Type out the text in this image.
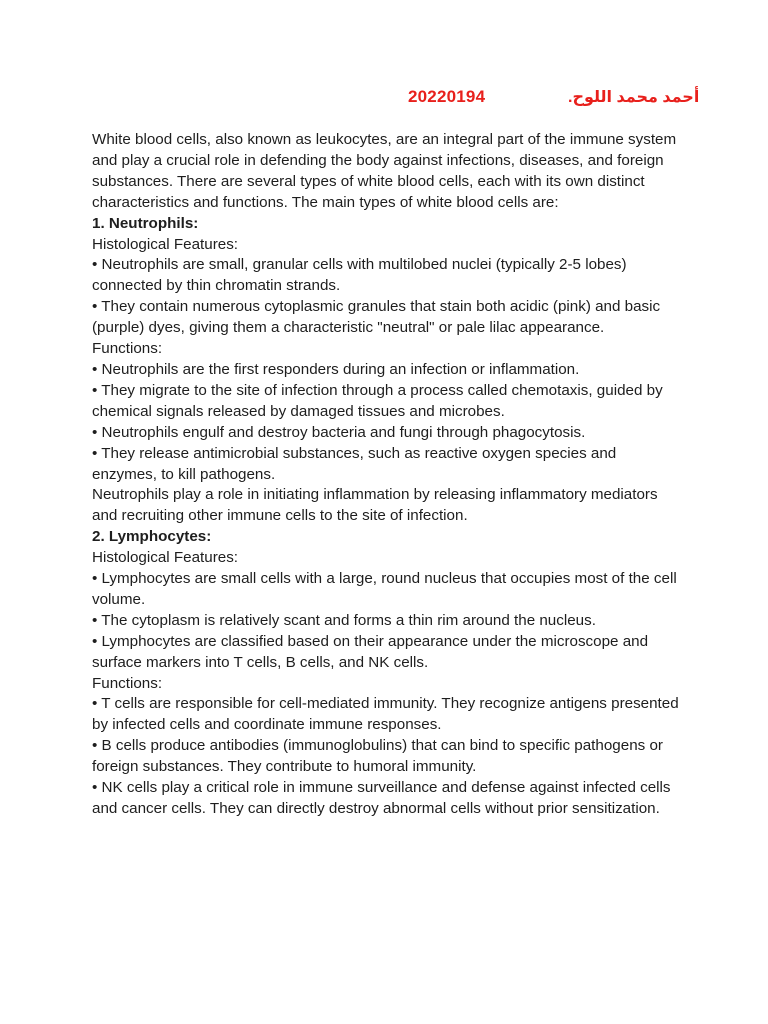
20220194	أحمد محمد اللوح.
White blood cells, also known as leukocytes, are an integral part of the immune system and play a crucial role in defending the body against infections, diseases, and foreign substances. There are several types of white blood cells, each with its own distinct characteristics and functions. The main types of white blood cells are:
1. Neutrophils:
Histological Features:
• Neutrophils are small, granular cells with multilobed nuclei (typically 2-5 lobes) connected by thin chromatin strands.
• They contain numerous cytoplasmic granules that stain both acidic (pink) and basic (purple) dyes, giving them a characteristic "neutral" or pale lilac appearance.
Functions:
• Neutrophils are the first responders during an infection or inflammation.
• They migrate to the site of infection through a process called chemotaxis, guided by chemical signals released by damaged tissues and microbes.
• Neutrophils engulf and destroy bacteria and fungi through phagocytosis.
• They release antimicrobial substances, such as reactive oxygen species and enzymes, to kill pathogens.
Neutrophils play a role in initiating inflammation by releasing inflammatory mediators and recruiting other immune cells to the site of infection.
2. Lymphocytes:
Histological Features:
• Lymphocytes are small cells with a large, round nucleus that occupies most of the cell volume.
• The cytoplasm is relatively scant and forms a thin rim around the nucleus.
• Lymphocytes are classified based on their appearance under the microscope and surface markers into T cells, B cells, and NK cells.
Functions:
• T cells are responsible for cell-mediated immunity. They recognize antigens presented by infected cells and coordinate immune responses.
• B cells produce antibodies (immunoglobulins) that can bind to specific pathogens or foreign substances. They contribute to humoral immunity.
• NK cells play a critical role in immune surveillance and defense against infected cells and cancer cells. They can directly destroy abnormal cells without prior sensitization.
